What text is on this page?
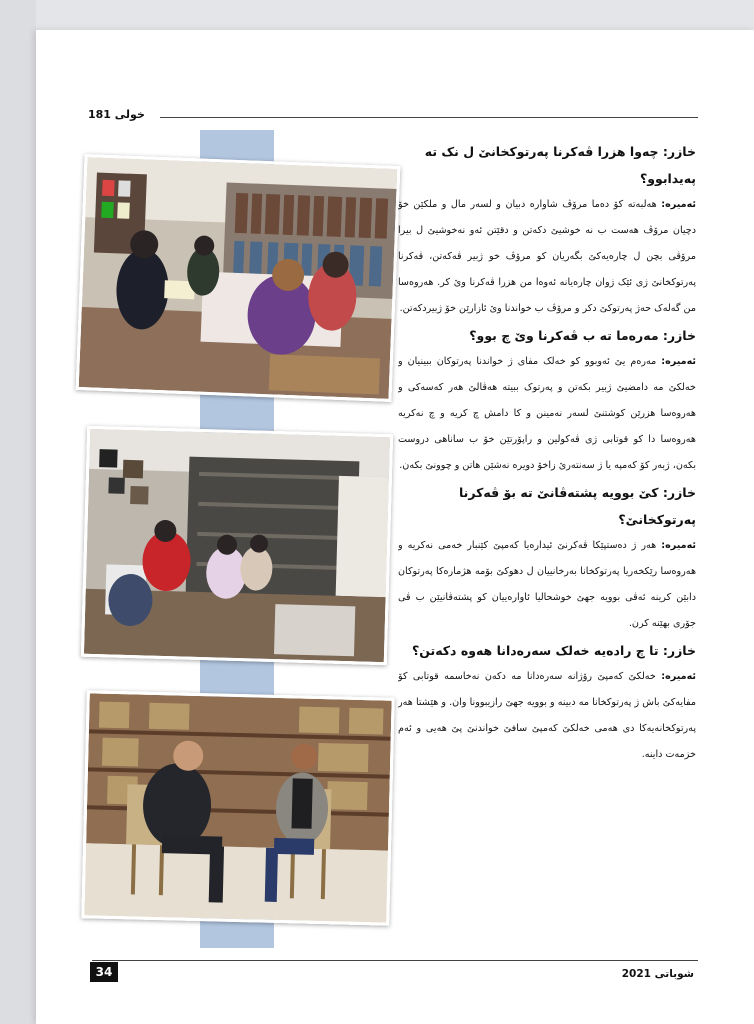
خولى 181

خازر: چەوا هزرا ڤەکرنا پەرتوکخانێ ل نک تە پەیدابوو؟

ئەمیرە: هەلبەتە کۆ دەما مرۆڤ شاوارە دبیان و لسەر مال و ملکێن خۆ دچیان مرۆڤ هەست ب نە خوشیێ دکەتن و دقێتن ئەو نەخوشیێ ل بیرا مرۆڤی بچن ل چارەیەکێ بگەریان کو مرۆڤ خو ژبیر ڤەکەتن، ڤەکرنا پەرتوکخانێ ژی ئێک ژوان چارەیانە ئەوەا من هزرا ڤەکرنا وێ کر. هەروەسا من گەلەک حەژ پەرتوکێ دکر و مرۆڤ ب خواندنا وێ ئازارێن خۆ ژبیردکەتن.

خازر: مەرەما تە ب ڤەکرنا وێ چ بوو؟

ئەمیرە: مەرەم یێ ئەوبوو کو خەلک مفای ژ خواندنا پەرتوکان ببینیان و خەلکێ مە دامضیێ ژبیر بکەتن و پەرتوک ببیتە هەڤالێ هەر کەسەکی و هەروەسا هزرێن کوشتنێ لسەر نەمینن و کا دامش چ کریە و چ نەکریە هەروەسا دا کو قوتابی ژی ڤەکولین و راپۆرتێن خۆ ب ساناهی دروست بکەن، ژبەر کۆ کەمپە یا ژ سەنتەرێ زاخۆ دویرە نەشێن هاتن و چوونێ بکەن.

خازر: کێ بوویە پشتەڤانێ تە بۆ ڤەکرنا پەرتوکخانێ؟

ئەمیرە: هەر ژ دەستپێکا ڤەکرنێ ئیدارەیا کەمپێ کێنبار خەمی نەکریە و هەروەسا رێکخەریا پەرتوکخانا بەرخانییان ل دهوکێ بۆمە هژمارەکا پەرتوکان دابێن کرینە ئەڤی بوویە جهێ خوشحالیا ئاوارەییان کو پشتەڤانیێن ب ڤی جۆری بهێنە کرن.

خازر: تا چ رادەیە خەلک سەرەدانا هەوە دکەتن؟

ئەمیرە: خەلکێ کەمپێ رۆژانە سەرەدانا مە دکەن نەخاسمە قوتابی کۆ مفایەکێ باش ژ پەرتوکخانا مە دبینە و بوویە جهێ رازیبوونا وان. و هێشتا هەر پەرتوکخانەیەکا دی هەمی خەلکێ کەمپێ سافێ خواندنێ پێ هەیی و ئەم خزمەت داینە.

34	شوباتی 2021
